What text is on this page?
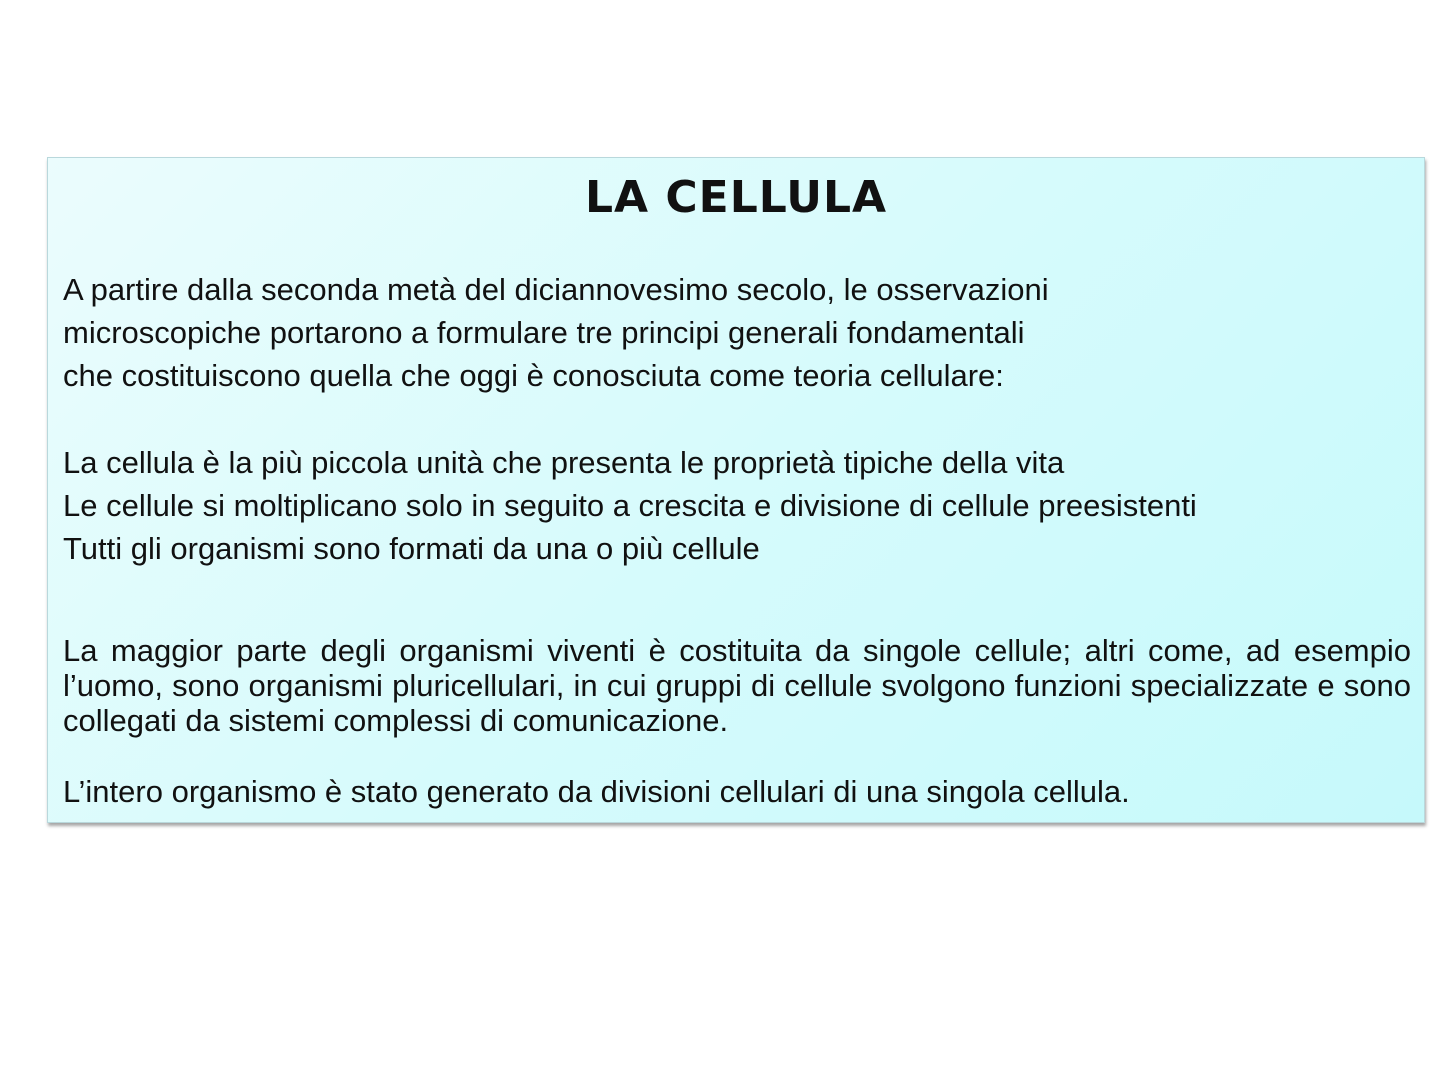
LA CELLULA
A partire dalla seconda metà del diciannovesimo secolo, le osservazioni
microscopiche portarono a formulare tre principi generali fondamentali
che costituiscono quella che oggi è conosciuta come teoria cellulare:
La cellula è la più piccola unità che presenta le proprietà tipiche della vita
Le cellule si moltiplicano solo in seguito a crescita e divisione di cellule preesistenti
Tutti gli organismi sono formati da una o più cellule
La maggior parte degli organismi viventi è costituita da singole cellule; altri come, ad esempio l’uomo, sono organismi pluricellulari, in cui gruppi di cellule svolgono funzioni specializzate e sono collegati da sistemi complessi di comunicazione.
L’intero organismo è stato generato da divisioni cellulari di una singola cellula.
